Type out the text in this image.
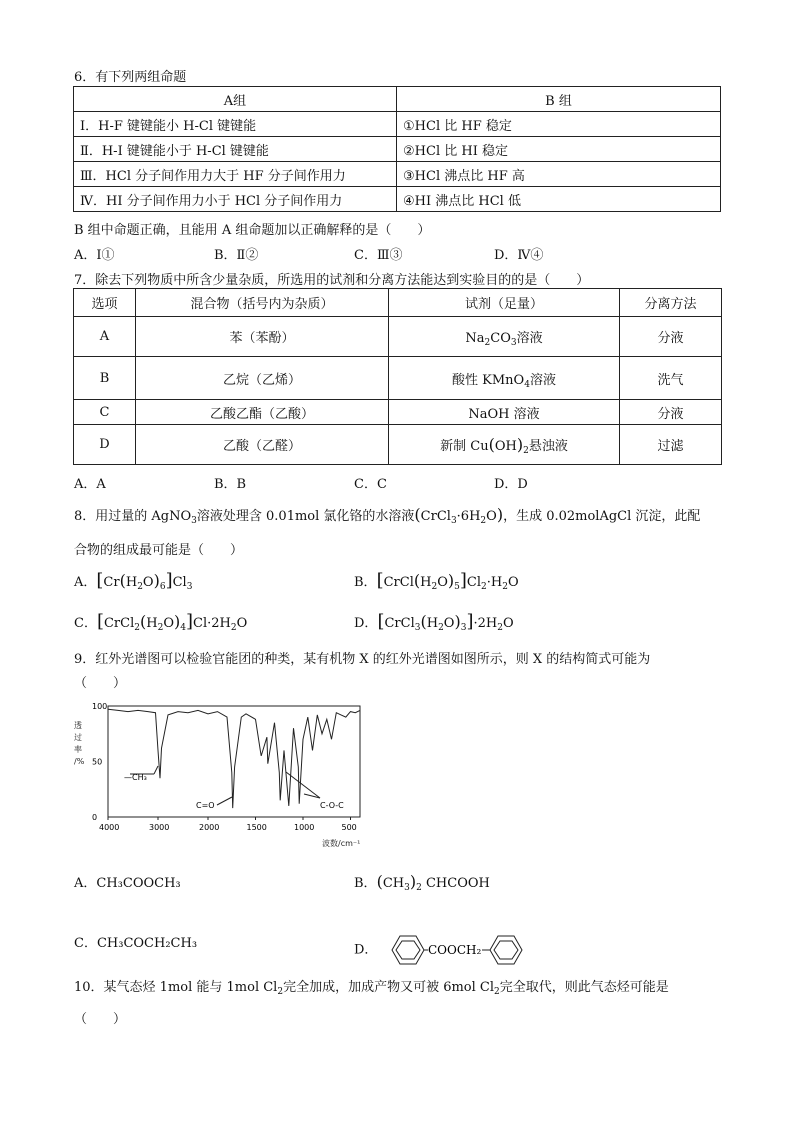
6．有下列两组命题
A组	B 组
Ⅰ．H-F 键键能小 H-Cl 键键能	①HCl 比 HF 稳定
Ⅱ．H-I 键键能小于 H-Cl 键键能	②HCl 比 HI 稳定
Ⅲ．HCl 分子间作用力大于 HF 分子间作用力	③HCl 沸点比 HF 高
Ⅳ．HI 分子间作用力小于 HCl 分子间作用力	④HI 沸点比 HCl 低
B 组中命题正确，且能用 A 组命题加以正确解释的是（　　）
A．Ⅰ①	B．Ⅱ②	C．Ⅲ③	D．Ⅳ④
7．除去下列物质中所含少量杂质，所选用的试剂和分离方法能达到实验目的的是（　　）
选项	混合物（括号内为杂质）	试剂（足量）	分离方法
A	苯（苯酚）	$Na_2CO_3$溶液	分液
B	乙烷（乙烯）	酸性 KMnO$_4$溶液	洗气
C	乙酸乙酯（乙酸）	NaOH 溶液	分液
D	乙酸（乙醛）	新制 $Cu(OH)_2$悬浊液	过滤
A．A	B．B	C．C	D．D
8．用过量的 AgNO$_3$溶液处理含 0.01mol 氯化铬的水溶液$(CrCl_3\cdot 6H_2O)$，生成 0.02molAgCl 沉淀，此配
合物的组成最可能是（　　）
A．$[Cr(H_2O)_6]Cl_3$	B．$[CrCl(H_2O)_5]Cl_2\cdot H_2O$
C．$[CrCl_2(H_2O)_4]Cl\cdot 2H_2O$	D．$[CrCl_3(H_2O)_3]\cdot 2H_2O$
9．红外光谱图可以检验官能团的种类，某有机物 X 的红外光谱图如图所示，则 X 的结构简式可能为
（　　）
0
50
100
4000	3000	2000	1500	1000	500
透
过
率
/%
波数/cm⁻¹
—CH₃
C=O	C-O-C
A．CH₃COOCH₃	B．$(CH_3)_2$ CHCOOH
C．CH₃COCH₂CH₃	D．	COOCH₂
10．某气态烃 1mol 能与 1mol $Cl_2$完全加成，加成产物又可被 6mol $Cl_2$完全取代，则此气态烃可能是
（　　）
